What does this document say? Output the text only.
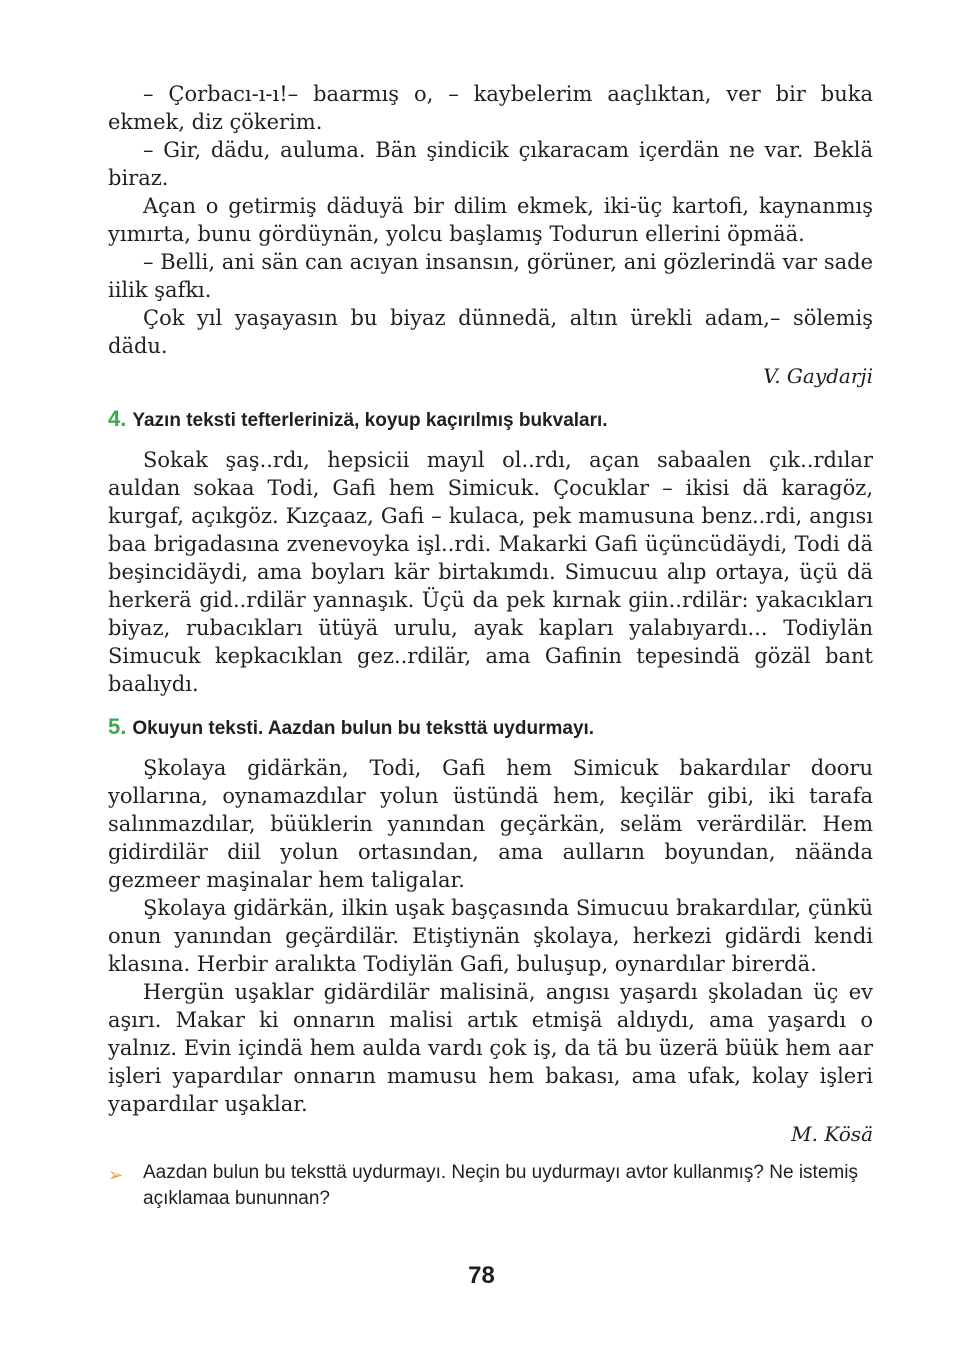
– Çorbacı-ı-ı!– baarmış o, – kaybelerim aaçlıktan, ver bir buka ekmek, diz çökerim.

– Gir, dädu, auluma. Bän şindicik çıkaracam içerdän ne var. Beklä biraz.

Açan o getirmiş däduyä bir dilim ekmek, iki-üç kartofi, kaynanmış yımırta, bunu gördüynän, yolcu başlamış Todurun ellerini öpmää.

– Belli, ani sän can acıyan insansın, görüner, ani gözlerindä var sade iilik şafkı.

Çok yıl yaşayasın bu biyaz dünnedä, altın ürekli adam,– sölemiş dädu.

V. Gaydarji

4. Yazın teksti tefterlerinizä, koyup kaçırılmış bukvaları.

Sokak şaş..rdı, hepsicii mayıl ol..rdı, açan sabaalen çık..rdılar auldan sokaa Todi, Gafi hem Simicuk. Çocuklar – ikisi dä karagöz, kurgaf, açıkgöz. Kızçaaz, Gafi – kulaca, pek mamusuna benz..rdi, angısı baa brigadasına zvenevoyka işl..rdi. Makarki Gafi üçüncüdäydi, Todi dä beşincidäydi, ama boyları kär birtakımdı. Simucuu alıp ortaya, üçü dä herkerä gid..rdilär yannaşık. Üçü da pek kırnak giin..rdilär: yakacıkları biyaz, rubacıkları ütüyä urulu, ayak kapları yalabıyardı... Todiylän Simucuk kepkacıklan gez..rdilär, ama Gafinin tepesindä gözäl bant baalıydı.

5. Okuyun teksti. Aazdan bulun bu teksttä uydurmayı.

Şkolaya gidärkän, Todi, Gafi hem Simicuk bakardılar dooru yollarına, oynamazdılar yolun üstündä hem, keçilär gibi, iki tarafa salınmazdılar, büüklerin yanından geçärkän, seläm verärdilär. Hem gidirdilär diil yolun ortasından, ama aulların boyundan, näända gezmeer maşinalar hem taligalar.

Şkolaya gidärkän, ilkin uşak başçasında Simucuu brakardılar, çünkü onun yanından geçärdilär. Etiştiynän şkolaya, herkezi gidärdi kendi klasına. Herbir aralıkta Todiylän Gafi, buluşup, oynardılar birerdä.

Hergün uşaklar gidärdilär malisinä, angısı yaşardı şkoladan üç ev aşırı. Makar ki onnarın malisi artık etmişä aldıydı, ama yaşardı o yalnız. Evin içindä hem aulda vardı çok iş, da tä bu üzerä büük hem aar işleri yapardılar onnarın mamusu hem bakası, ama ufak, kolay işleri yapardılar uşaklar.

M. Kösä

➢ Aazdan bulun bu teksttä uydurmayı. Neçin bu uydurmayı avtor kullanmış? Ne istemiş açıklamaa bununnan?
78
